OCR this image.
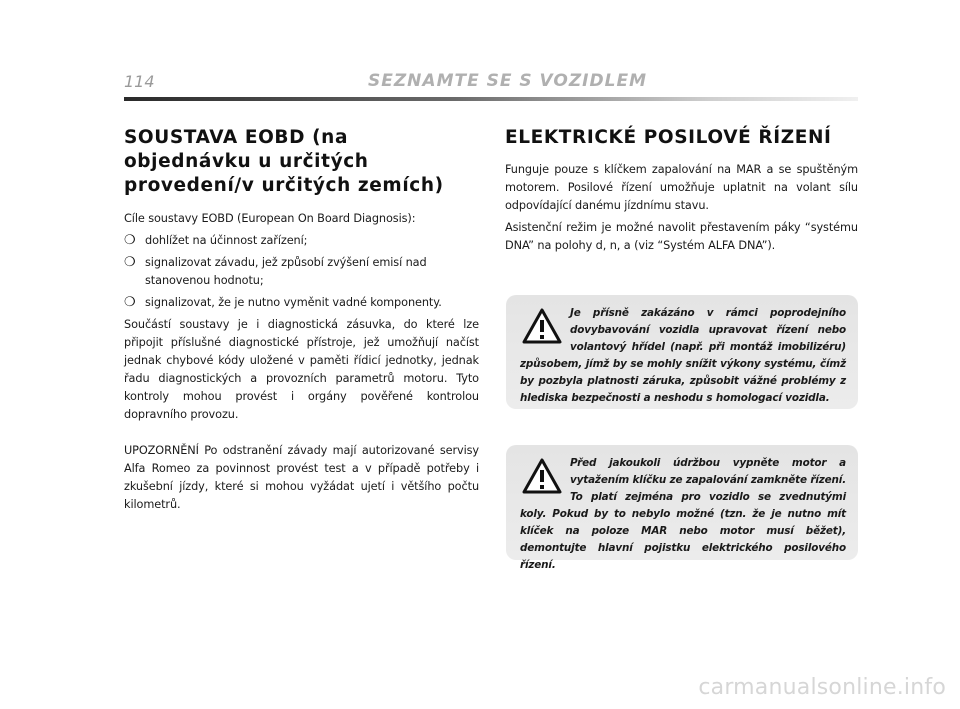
114	SEZNAMTE SE S VOZIDLEM
SOUSTAVA EOBD (na objednávku u určitých provedení/v určitých zemích)

Cíle soustavy EOBD (European On Board Diagnosis):

❍ dohlížet na účinnost zařízení;
❍ signalizovat závadu, jež způsobí zvýšení emisí nad stanovenou hodnotu;
❍ signalizovat, že je nutno vyměnit vadné komponenty.

Součástí soustavy je i diagnostická zásuvka, do které lze připojit příslušné diagnostické přístroje, jež umožňují načíst jednak chybové kódy uložené v paměti řídicí jednotky, jednak řadu diagnostických a provozních parametrů motoru. Tyto kontroly mohou provést i orgány pověřené kontrolou dopravního provozu.

UPOZORNĚNÍ Po odstranění závady mají autorizované servisy Alfa Romeo za povinnost provést test a v případě potřeby i zkušební jízdy, které si mohou vyžádat ujetí i většího počtu kilometrů.

ELEKTRICKÉ POSILOVÉ ŘÍZENÍ

Funguje pouze s klíčkem zapalování na MAR a se spuštěným motorem. Posilové řízení umožňuje uplatnit na volant sílu odpovídající danému jízdnímu stavu.

Asistenční režim je možné navolit přestavením páky “systému DNA” na polohy d, n, a (viz “Systém ALFA DNA”).

Je přísně zakázáno v rámci poprodejního dovybavování vozidla upravovat řízení nebo volantový hřídel (např. při montáž imobilizéru) způsobem, jímž by se mohly snížit výkony systému, čímž by pozbyla platnosti záruka, způsobit vážné problémy z hlediska bezpečnosti a neshodu s homologací vozidla.

Před jakoukoli údržbou vypněte motor a vytažením klíčku ze zapalování zamkněte řízení. To platí zejména pro vozidlo se zvednutými koly. Pokud by to nebylo možné (tzn. že je nutno mít klíček na poloze MAR nebo motor musí běžet), demontujte hlavní pojistku elektrického posilového řízení.

carmanualsonline.info
